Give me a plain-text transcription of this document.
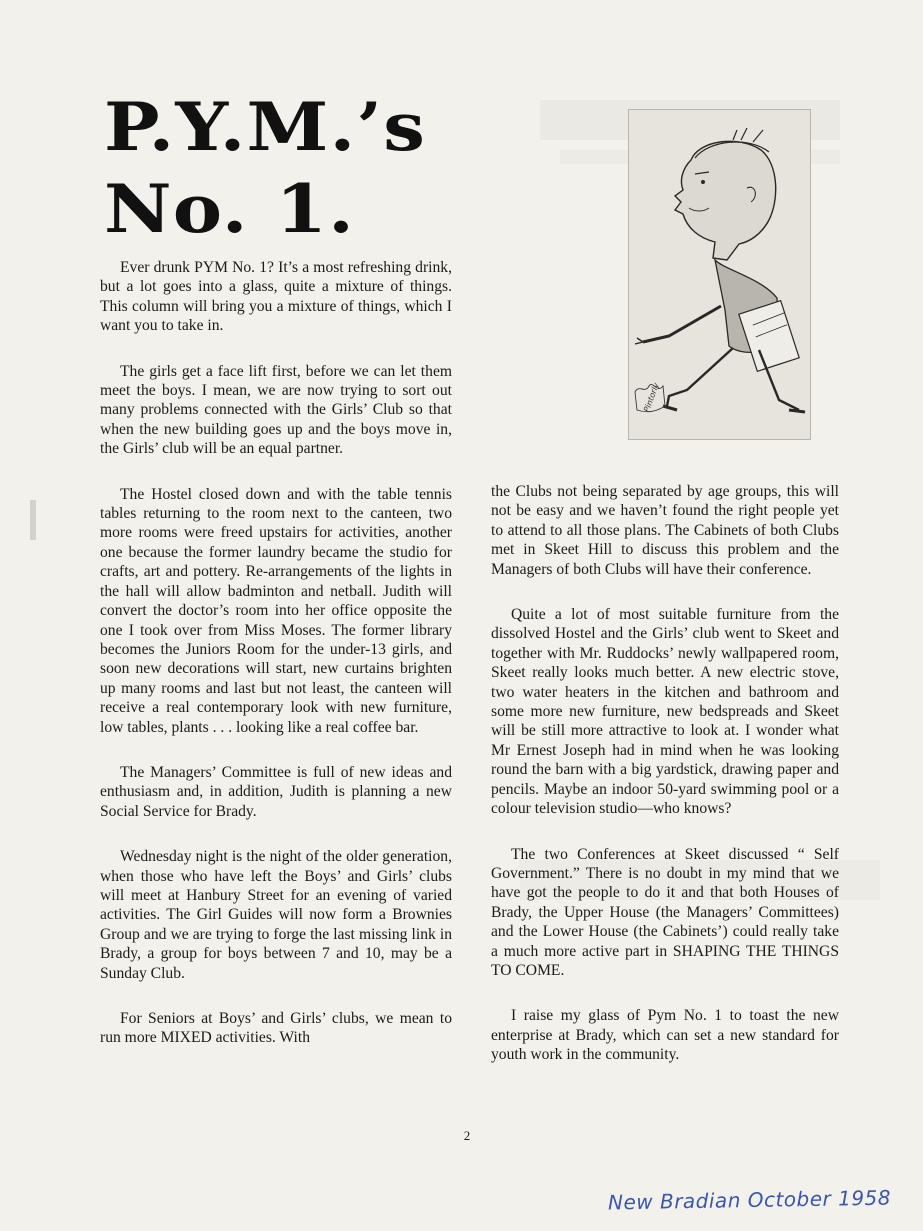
P.Y.M.’s
No. 1.
Pintorly

Ever drunk PYM No. 1? It’s a most refreshing drink, but a lot goes into a glass, quite a mixture of things. This column will bring you a mixture of things, which I want you to take in.

The girls get a face lift first, before we can let them meet the boys. I mean, we are now trying to sort out many problems connected with the Girls’ Club so that when the new building goes up and the boys move in, the Girls’ club will be an equal partner.

The Hostel closed down and with the table tennis tables returning to the room next to the canteen, two more rooms were freed upstairs for activities, another one because the former laundry became the studio for crafts, art and pottery. Re-arrangements of the lights in the hall will allow badminton and netball. Judith will convert the doctor’s room into her office opposite the one I took over from Miss Moses. The former library becomes the Juniors Room for the under-13 girls, and soon new decorations will start, new curtains brighten up many rooms and last but not least, the canteen will receive a real contemporary look with new furniture, low tables, plants . . . looking like a real coffee bar.

The Managers’ Committee is full of new ideas and enthusiasm and, in addition, Judith is planning a new Social Service for Brady.

Wednesday night is the night of the older generation, when those who have left the Boys’ and Girls’ clubs will meet at Hanbury Street for an evening of varied activities. The Girl Guides will now form a Brownies Group and we are trying to forge the last missing link in Brady, a group for boys between 7 and 10, may be a Sunday Club.

For Seniors at Boys’ and Girls’ clubs, we mean to run more MIXED activities. With

the Clubs not being separated by age groups, this will not be easy and we haven’t found the right people yet to attend to all those plans. The Cabinets of both Clubs met in Skeet Hill to discuss this problem and the Managers of both Clubs will have their conference.

Quite a lot of most suitable furniture from the dissolved Hostel and the Girls’ club went to Skeet and together with Mr. Ruddocks’ newly wallpapered room, Skeet really looks much better. A new electric stove, two water heaters in the kitchen and bathroom and some more new furniture, new bedspreads and Skeet will be still more attractive to look at. I wonder what Mr Ernest Joseph had in mind when he was looking round the barn with a big yardstick, drawing paper and pencils. Maybe an indoor 50-yard swimming pool or a colour television studio—who knows?

The two Conferences at Skeet discussed “ Self Government.” There is no doubt in my mind that we have got the people to do it and that both Houses of Brady, the Upper House (the Managers’ Committees) and the Lower House (the Cabinets’) could really take a much more active part in SHAPING THE THINGS TO COME.

I raise my glass of Pym No. 1 to toast the new enterprise at Brady, which can set a new standard for youth work in the community.

2
New Bradian October 1958
